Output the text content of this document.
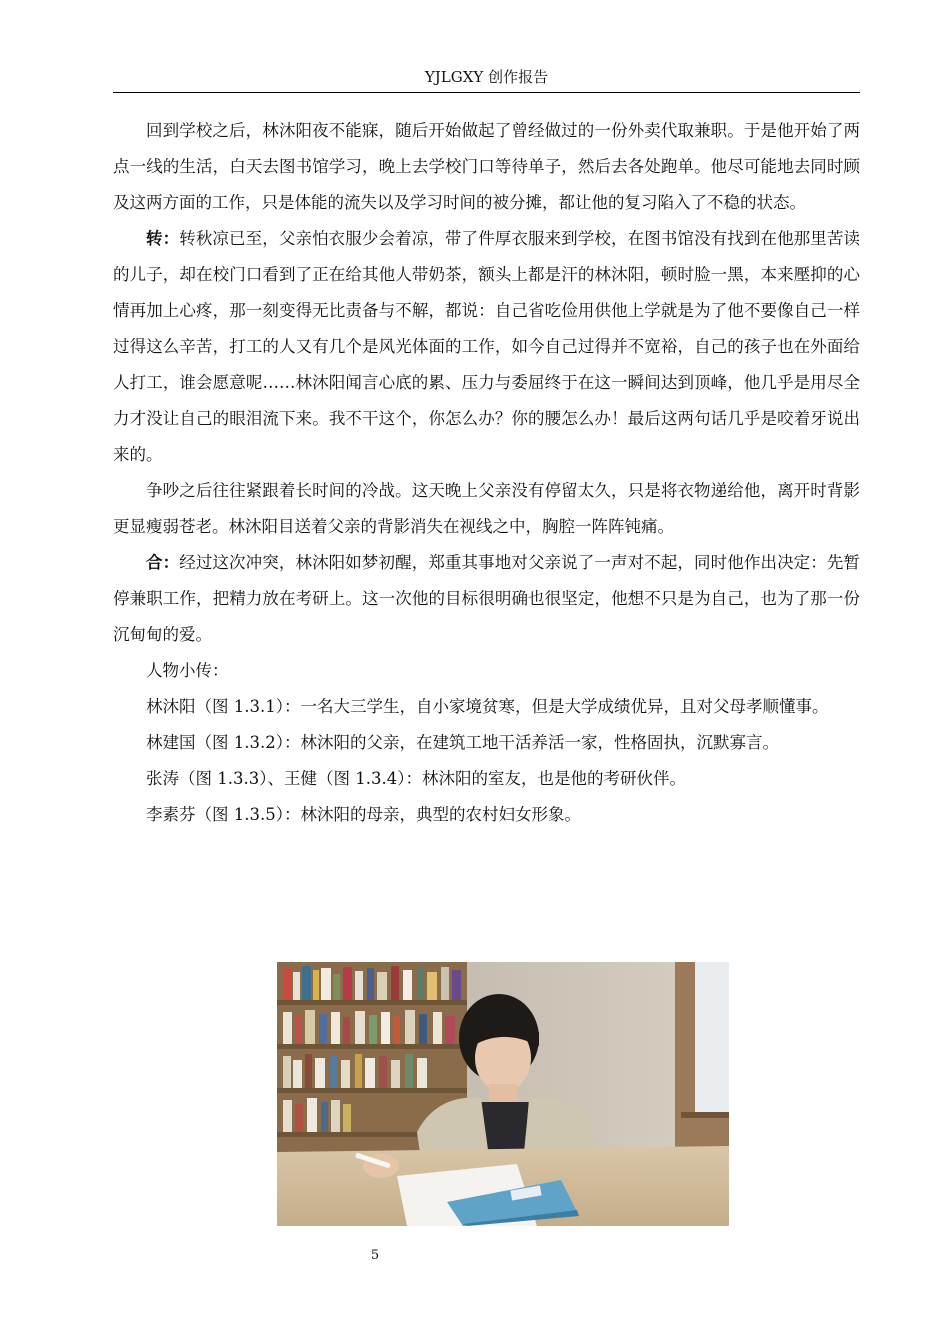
YJLGXY 创作报告

回到学校之后，林沐阳夜不能寐，随后开始做起了曾经做过的一份外卖代取兼职。于是他开始了两点一线的生活，白天去图书馆学习，晚上去学校门口等待单子，然后去各处跑单。他尽可能地去同时顾及这两方面的工作，只是体能的流失以及学习时间的被分摊，都让他的复习陷入了不稳的状态。

转：转秋凉已至，父亲怕衣服少会着凉，带了件厚衣服来到学校，在图书馆没有找到在他那里苦读的儿子，却在校门口看到了正在给其他人带奶茶，额头上都是汗的林沐阳，顿时脸一黑，本来壓抑的心情再加上心疼，那一刻变得无比责备与不解，都说：自己省吃俭用供他上学就是为了他不要像自己一样过得这么辛苦，打工的人又有几个是风光体面的工作，如今自己过得并不宽裕，自己的孩子也在外面给人打工，谁会愿意呢……林沐阳闻言心底的累、压力与委屈终于在这一瞬间达到顶峰，他几乎是用尽全力才没让自己的眼泪流下来。我不干这个，你怎么办？你的腰怎么办！最后这两句话几乎是咬着牙说出来的。

争吵之后往往紧跟着长时间的冷战。这天晚上父亲没有停留太久，只是将衣物递给他，离开时背影更显瘦弱苍老。林沐阳目送着父亲的背影消失在视线之中，胸腔一阵阵钝痛。

合：经过这次冲突，林沐阳如梦初醒，郑重其事地对父亲说了一声对不起，同时他作出决定：先暂停兼职工作，把精力放在考研上。这一次他的目标很明确也很坚定，他想不只是为自己，也为了那一份沉甸甸的爱。

人物小传：

林沐阳（图 1.3.1）：一名大三学生，自小家境贫寒，但是大学成绩优异，且对父母孝顺懂事。

林建国（图 1.3.2）：林沐阳的父亲，在建筑工地干活养活一家，性格固执，沉默寡言。

张涛（图 1.3.3）、王健（图 1.3.4）：林沐阳的室友，也是他的考研伙伴。

李素芬（图 1.3.5）：林沐阳的母亲，典型的农村妇女形象。

5
